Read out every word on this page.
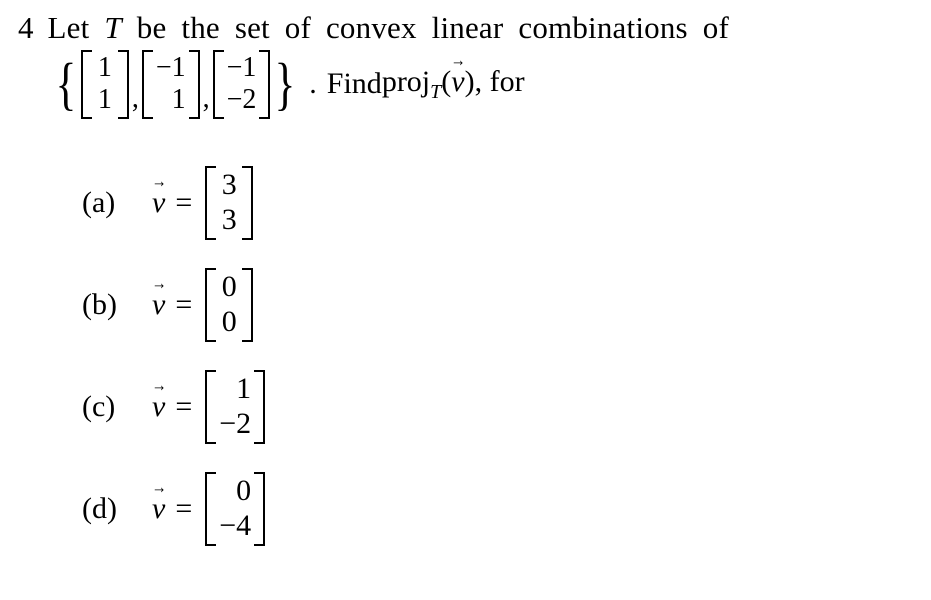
4 Let T be the set of convex linear combinations of
{ 1
1 ,
−1
1 ,
−1
−2 } . Find proj$_T$(v →), for
(a)	v → =
3
3
(b)	v → =
0
0
(c)	v → =
1
−2
(d)	v → =
0
−4
